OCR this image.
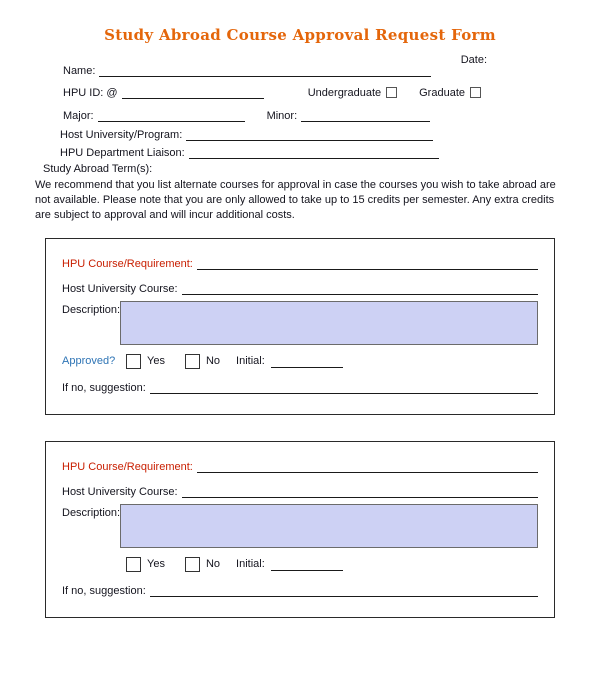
Study Abroad Course Approval Request Form
Name:
Date:
HPU ID: @	Undergraduate	Graduate
Major:	Minor:
Host University/Program:
HPU Department Liaison:
Study Abroad Term(s):

We recommend that you list alternate courses for approval in case the courses you wish to take abroad are not available. Please note that you are only allowed to take up to 15 credits per semester. Any extra credits are subject to approval and will incur additional costs.

HPU Course/Requirement:
Host University Course:
Description:
Approved?	Yes	No Initial:
If no, suggestion:
HPU Course/Requirement:
Host University Course:
Description:
Yes	No Initial:
If no, suggestion:
